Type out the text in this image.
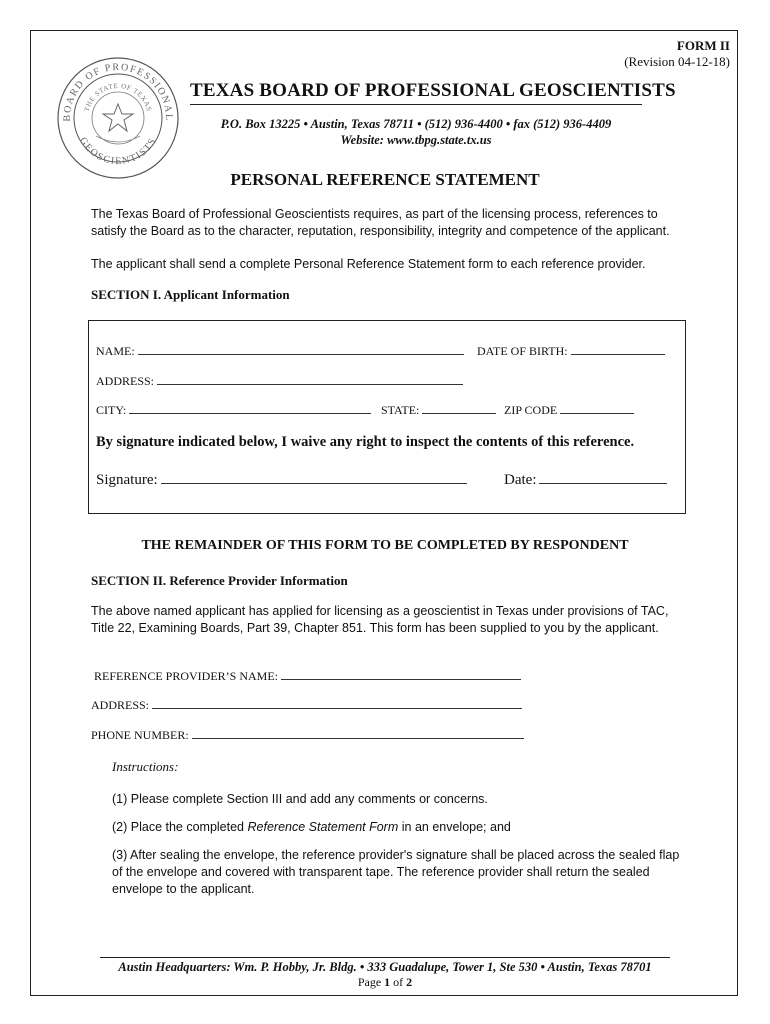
FORM II
(Revision 04-12-18)
BOARD OF PROFESSIONAL
GEOSCIENTISTS
THE STATE OF TEXAS
TEXAS BOARD OF PROFESSIONAL GEOSCIENTISTS
P.O. Box 13225 • Austin, Texas 78711 • (512) 936-4400 • fax (512) 936-4409
Website: www.tbpg.state.tx.us
PERSONAL REFERENCE STATEMENT
The Texas Board of Professional Geoscientists requires, as part of the licensing process, references to satisfy the Board as to the character, reputation, responsibility, integrity and competence of the applicant.
The applicant shall send a complete Personal Reference Statement form to each reference provider.
SECTION I. Applicant Information
NAME:	DATE OF BIRTH:
ADDRESS:
CITY:	STATE:	ZIP CODE
By signature indicated below, I waive any right to inspect the contents of this reference.
Signature:	Date:
THE REMAINDER OF THIS FORM TO BE COMPLETED BY RESPONDENT
SECTION II. Reference Provider Information
The above named applicant has applied for licensing as a geoscientist in Texas under provisions of TAC, Title 22, Examining Boards, Part 39, Chapter 851. This form has been supplied to you by the applicant.
REFERENCE PROVIDER’S NAME:
ADDRESS:
PHONE NUMBER:
Instructions:
(1) Please complete Section III and add any comments or concerns.
(2) Place the completed Reference Statement Form in an envelope; and
(3) After sealing the envelope, the reference provider's signature shall be placed across the sealed flap of the envelope and covered with transparent tape. The reference provider shall return the sealed envelope to the applicant.
Austin Headquarters: Wm. P. Hobby, Jr. Bldg. • 333 Guadalupe, Tower 1, Ste 530 • Austin, Texas 78701
Page 1 of 2
